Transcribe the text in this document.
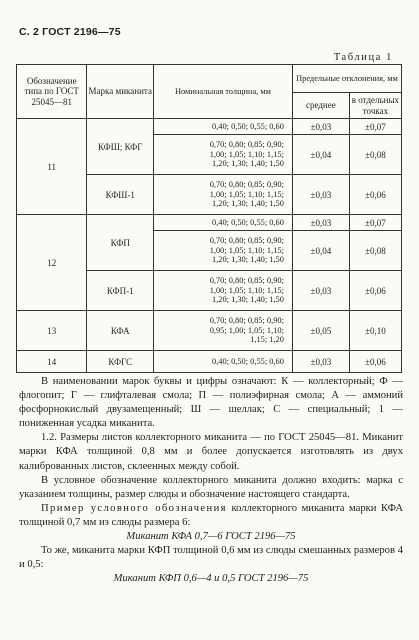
С. 2 ГОСТ 2196—75
Таблица 1
Обозначение типа по ГОСТ 25045—81	Марка миканита	Номинальная толщина, мм	Предельные отклонения, мм	
			среднее	в отдельных точках
11	КФШ; КФГ	0,40; 0,50; 0,55; 0,60	±0,03	±0,07

		0,70; 0,80; 0,85; 0,90;
1,00; 1,05; 1,10; 1,15;
1,20; 1,30; 1,40; 1,50	±0,04	±0,08
	КФШ-1	0,70; 0,80; 0,85; 0,90;
1,00; 1,05; 1,10; 1,15;
1,20; 1,30; 1,40; 1,50	±0,03	±0,06
12	КФП	0,40; 0,50; 0,55; 0,60	±0,03	±0,07

		0,70; 0,80; 0,85; 0,90;
1,00; 1,05; 1,10; 1,15;
1,20; 1,30; 1,40; 1,50	±0,04	±0,08
	КФП-1	0,70; 0,80; 0,85; 0,90;
1,00; 1,05; 1,10; 1,15;
1,20; 1,30; 1,40; 1,50	±0,03	±0,06
13	КФА	0,70; 0,80; 0,85; 0,90;
0,95; 1,00; 1,05; 1,10;
1,15; 1,20	±0,05	±0,10
14	КФГС	0,40; 0,50; 0,55; 0,60	±0,03	±0,06

В наименовании марок буквы и цифры означают: К — коллекторный; Ф — флогопит; Г — глифталевая смола; П — полиэфирная смола; А — аммоний фосфорнокислый двузамещенный; Ш — шеллак; С — специальный; 1 — пониженная усадка миканита.

1.2. Размеры листов коллекторного миканита — по ГОСТ 25045—81. Миканит марки КФА толщиной 0,8 мм и более допускается изготовлять из двух калиброванных листов, склеенных между собой.

В условное обозначение коллекторного миканита должно входить: марка с указанием толщины, размер слюды и обозначение настоящего стандарта.

Пример условного обозначения коллекторного миканита марки КФА толщиной 0,7 мм из слюды размера 6:

Миканит КФА 0,7—6 ГОСТ 2196—75

То же, миканита марки КФП толщиной 0,6 мм из слюды смешанных размеров 4 и 0,5:

Миканит КФП 0,6—4 и 0,5 ГОСТ 2196—75
